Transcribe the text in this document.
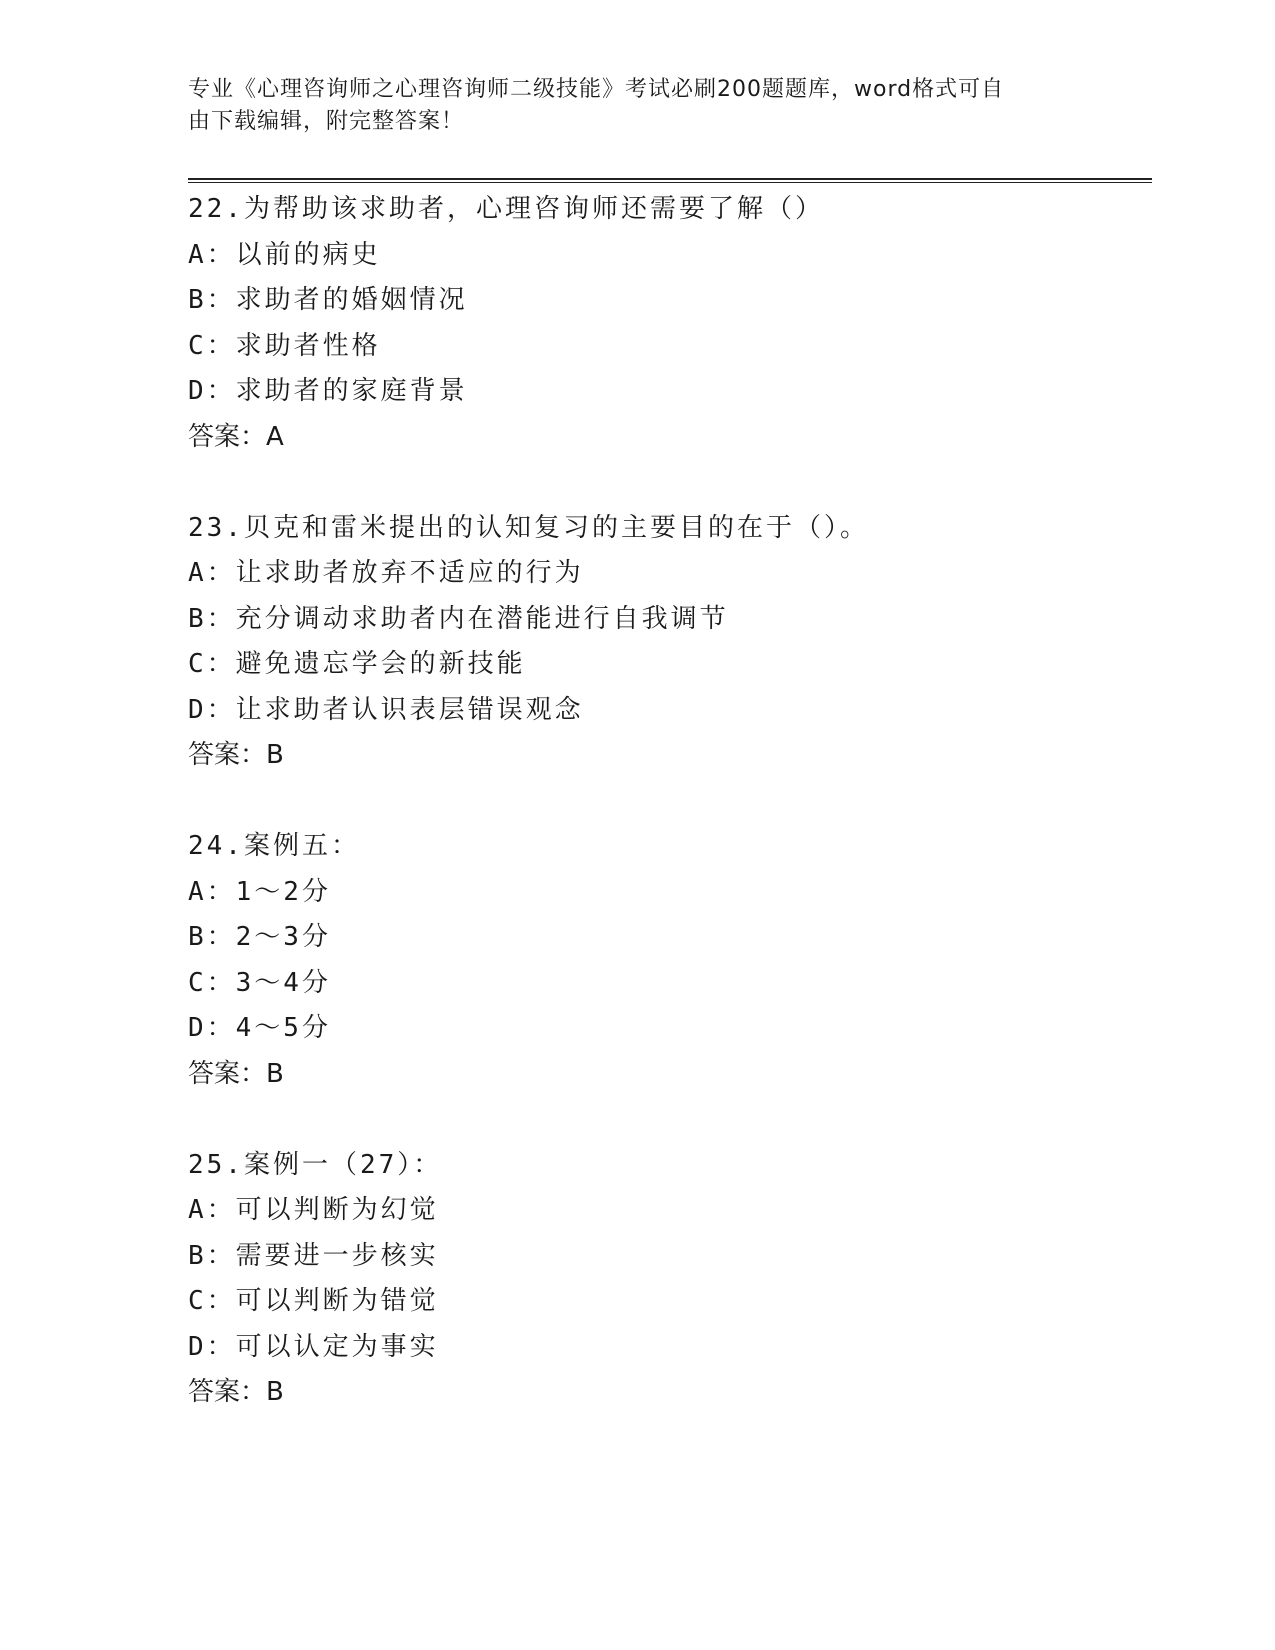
专业《心理咨询师之心理咨询师二级技能》考试必刷200题题库，word格式可自
由下载编辑，附完整答案！
22.为帮助该求助者，心理咨询师还需要了解（）
A：以前的病史
B：求助者的婚姻情况
C：求助者性格
D：求助者的家庭背景
答案：A
23.贝克和雷米提出的认知复习的主要目的在于（）。
A：让求助者放弃不适应的行为
B：充分调动求助者内在潜能进行自我调节
C：避免遗忘学会的新技能
D：让求助者认识表层错误观念
答案：B
24.案例五：
A：1～2分
B：2～3分
C：3～4分
D：4～5分
答案：B
25.案例一（27）：
A：可以判断为幻觉
B：需要进一步核实
C：可以判断为错觉
D：可以认定为事实
答案：B
